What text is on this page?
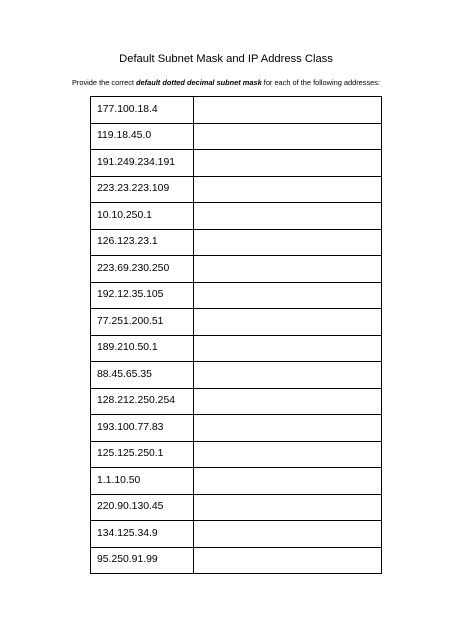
Default Subnet Mask and IP Address Class

Provide the correct default dotted decimal subnet mask for each of the following addresses:

177.100.18.4	
119.18.45.0	
191.249.234.191	
223.23.223.109	
10.10.250.1	
126.123.23.1	
223.69.230.250	
192.12.35.105	
77.251.200.51	
189.210.50.1	
88.45.65.35	
128.212.250.254	
193.100.77.83	
125.125.250.1	
1.1.10.50	
220.90.130.45	
134.125.34.9	
95.250.91.99	
